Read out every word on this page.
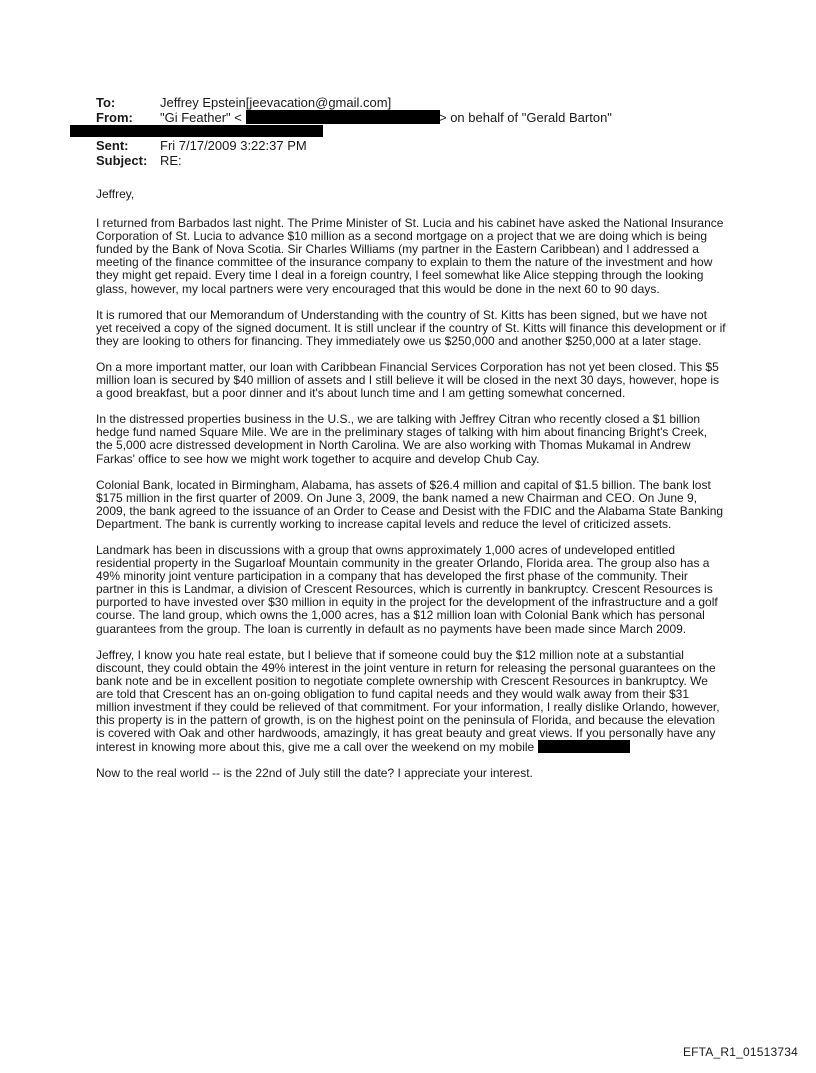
To:	Jeffrey Epstein[jeevacation@gmail.com]
From: "Gi Feather" <	> on behalf of "Gerald Barton"
Sent: Fri 7/17/2009 3:22:37 PM
Subject: RE:

Jeffrey,

I returned from Barbados last night. The Prime Minister of St. Lucia and his cabinet have asked the National Insurance Corporation of St. Lucia to advance $10 million as a second mortgage on a project that we are doing which is being funded by the Bank of Nova Scotia. Sir Charles Williams (my partner in the Eastern Caribbean) and I addressed a meeting of the finance committee of the insurance company to explain to them the nature of the investment and how they might get repaid. Every time I deal in a foreign country, I feel somewhat like Alice stepping through the looking glass, however, my local partners were very encouraged that this would be done in the next 60 to 90 days.

It is rumored that our Memorandum of Understanding with the country of St. Kitts has been signed, but we have not yet received a copy of the signed document. It is still unclear if the country of St. Kitts will finance this development or if they are looking to others for financing. They immediately owe us $250,000 and another $250,000 at a later stage.

On a more important matter, our loan with Caribbean Financial Services Corporation has not yet been closed. This $5 million loan is secured by $40 million of assets and I still believe it will be closed in the next 30 days, however, hope is a good breakfast, but a poor dinner and it's about lunch time and I am getting somewhat concerned.

In the distressed properties business in the U.S., we are talking with Jeffrey Citran who recently closed a $1 billion hedge fund named Square Mile. We are in the preliminary stages of talking with him about financing Bright's Creek, the 5,000 acre distressed development in North Carolina. We are also working with Thomas Mukamal in Andrew Farkas' office to see how we might work together to acquire and develop Chub Cay.

Colonial Bank, located in Birmingham, Alabama, has assets of $26.4 million and capital of $1.5 billion. The bank lost $175 million in the first quarter of 2009. On June 3, 2009, the bank named a new Chairman and CEO. On June 9, 2009, the bank agreed to the issuance of an Order to Cease and Desist with the FDIC and the Alabama State Banking Department. The bank is currently working to increase capital levels and reduce the level of criticized assets.

Landmark has been in discussions with a group that owns approximately 1,000 acres of undeveloped entitled residential property in the Sugarloaf Mountain community in the greater Orlando, Florida area. The group also has a 49% minority joint venture participation in a company that has developed the first phase of the community. Their partner in this is Landmar, a division of Crescent Resources, which is currently in bankruptcy. Crescent Resources is purported to have invested over $30 million in equity in the project for the development of the infrastructure and a golf course. The land group, which owns the 1,000 acres, has a $12 million loan with Colonial Bank which has personal guarantees from the group. The loan is currently in default as no payments have been made since March 2009.

Jeffrey, I know you hate real estate, but I believe that if someone could buy the $12 million note at a substantial discount, they could obtain the 49% interest in the joint venture in return for releasing the personal guarantees on the bank note and be in excellent position to negotiate complete ownership with Crescent Resources in bankruptcy. We are told that Crescent has an on-going obligation to fund capital needs and they would walk away from their $31 million investment if they could be relieved of that commitment. For your information, I really dislike Orlando, however, this property is in the pattern of growth, is on the highest point on the peninsula of Florida, and because the elevation is covered with Oak and other hardwoods, amazingly, it has great beauty and great views. If you personally have any interest in knowing more about this, give me a call over the weekend on my mobile

Now to the real world -- is the 22nd of July still the date? I appreciate your interest.

EFTA_R1_01513734
